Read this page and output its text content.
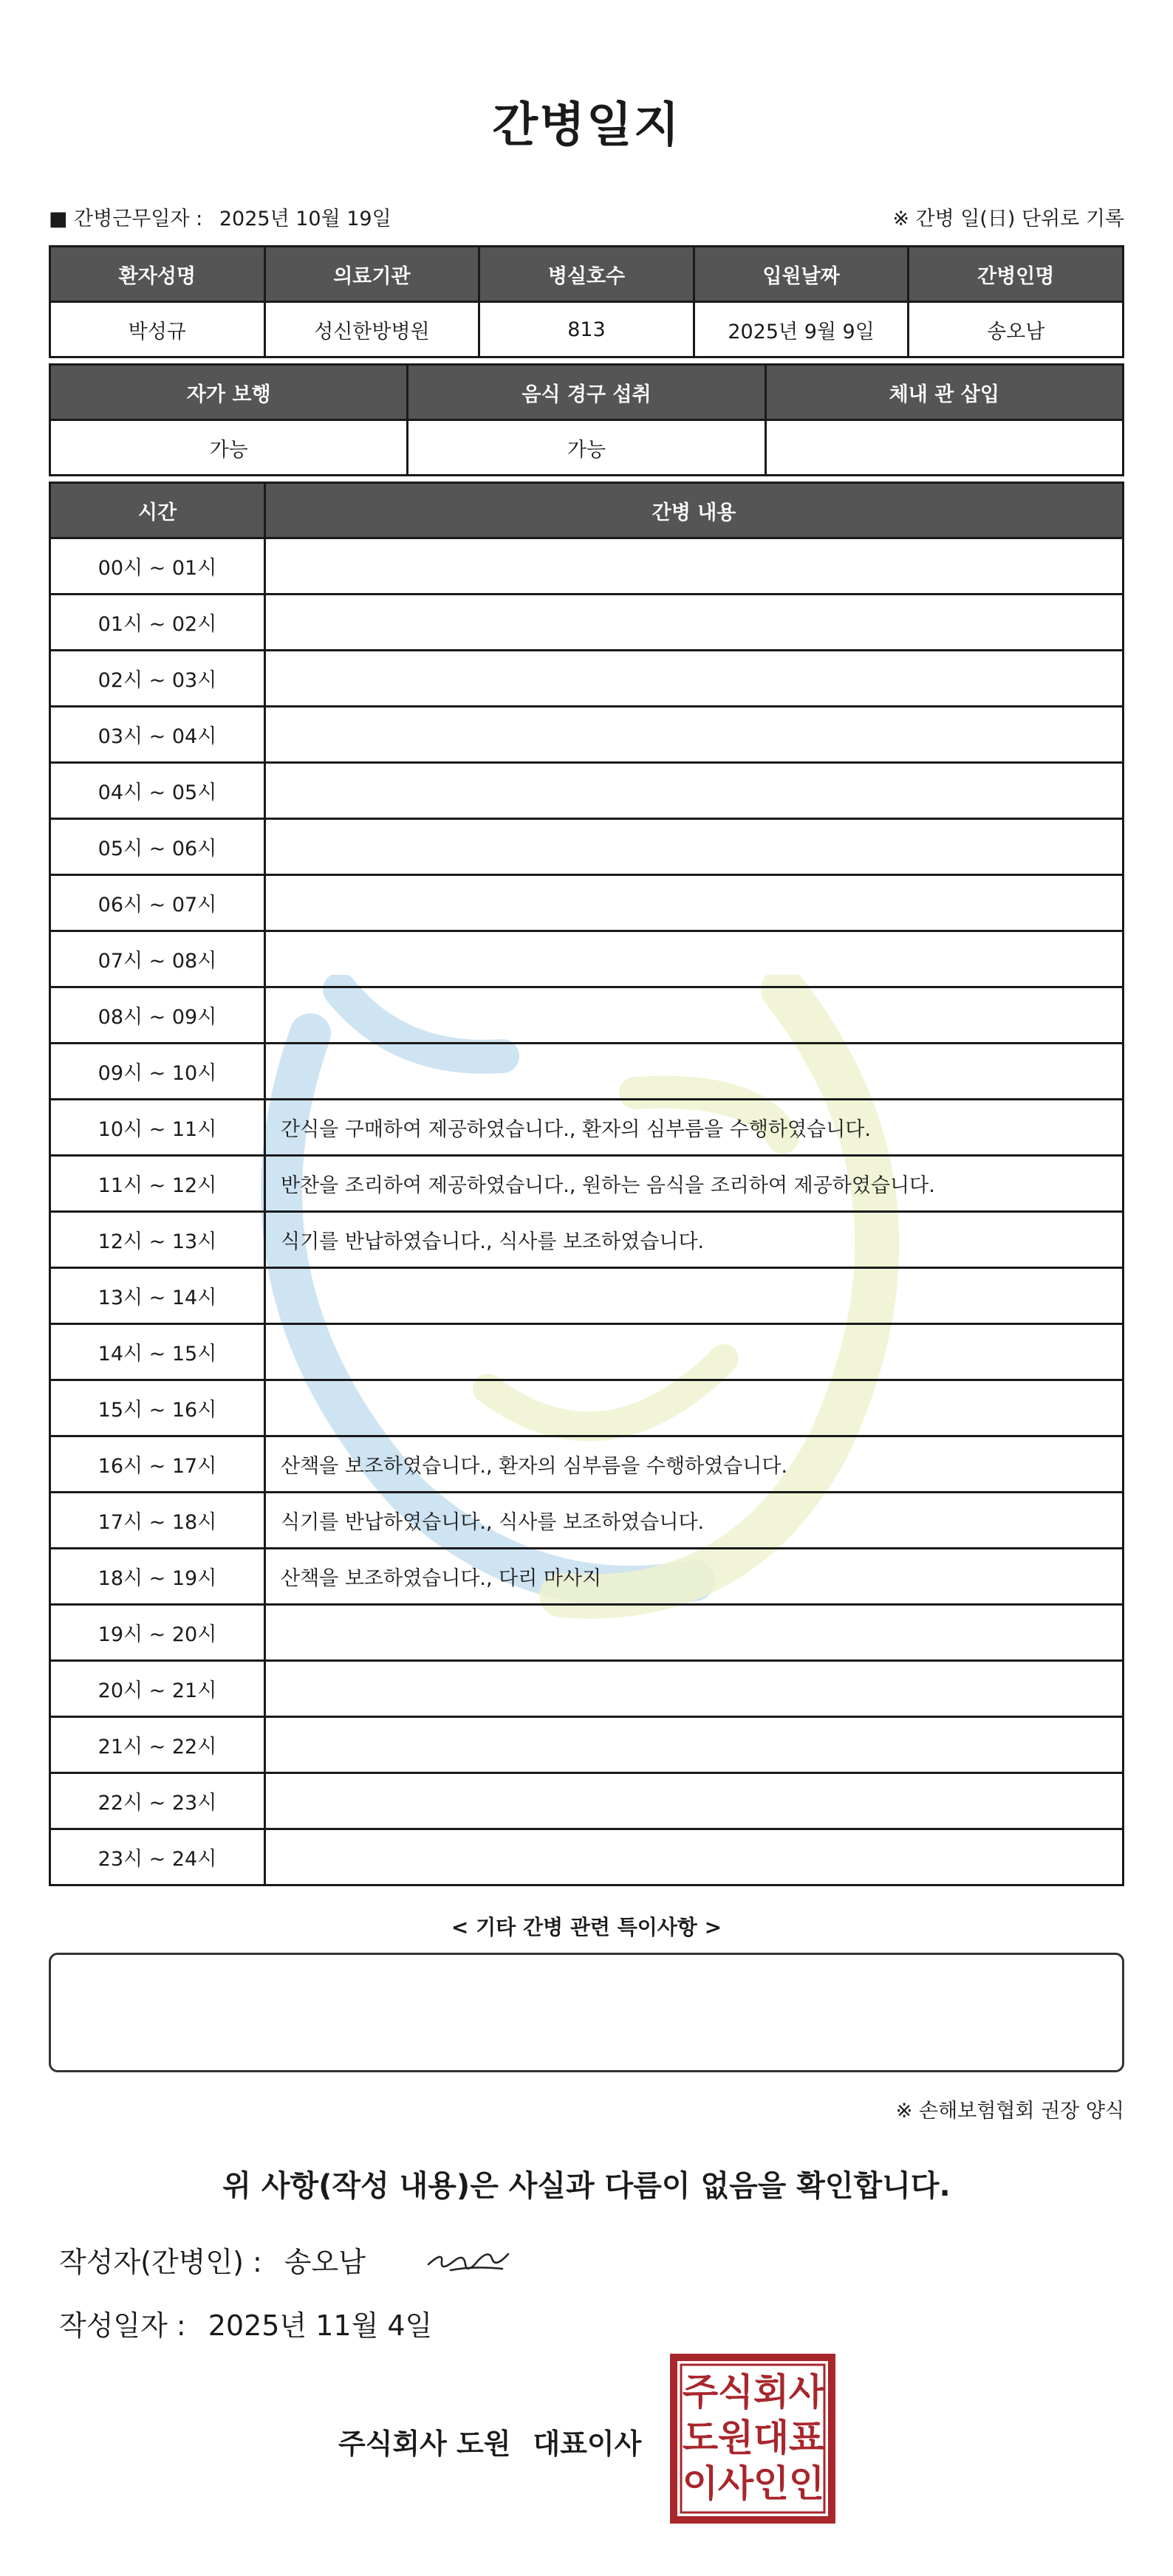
간병일지
■ 간병근무일자 : 2025년 10월 19일	※ 간병 일(日) 단위로 기록
환자성명	의료기관	병실호수	입원날짜	간병인명
박성규	성신한방병원	813	2025년 9월 9일	송오남
자가 보행	음식 경구 섭취	체내 관 삽입
가능	가능	
시간	간병 내용
00시 ~ 01시	
01시 ~ 02시	
02시 ~ 03시	
03시 ~ 04시	
04시 ~ 05시	
05시 ~ 06시	
06시 ~ 07시	
07시 ~ 08시	
08시 ~ 09시	
09시 ~ 10시	
10시 ~ 11시	간식을 구매하여 제공하였습니다., 환자의 심부름을 수행하였습니다.
11시 ~ 12시	반찬을 조리하여 제공하였습니다., 원하는 음식을 조리하여 제공하였습니다.
12시 ~ 13시	식기를 반납하였습니다., 식사를 보조하였습니다.
13시 ~ 14시	
14시 ~ 15시	
15시 ~ 16시	
16시 ~ 17시	산책을 보조하였습니다., 환자의 심부름을 수행하였습니다.
17시 ~ 18시	식기를 반납하였습니다., 식사를 보조하였습니다.
18시 ~ 19시	산책을 보조하였습니다., 다리 마사지
19시 ~ 20시	
20시 ~ 21시	
21시 ~ 22시	
22시 ~ 23시	
23시 ~ 24시	
< 기타 간병 관련 특이사항 >
※ 손해보험협회 권장 양식
위 사항(작성 내용)은 사실과 다름이 없음을 확인합니다.
작성자(간병인) : 송오남
작성일자 : 2025년 11월 4일
주식회사 도원 대표이사
주 식 회 사
도 원 대 표
이 사 인 인
